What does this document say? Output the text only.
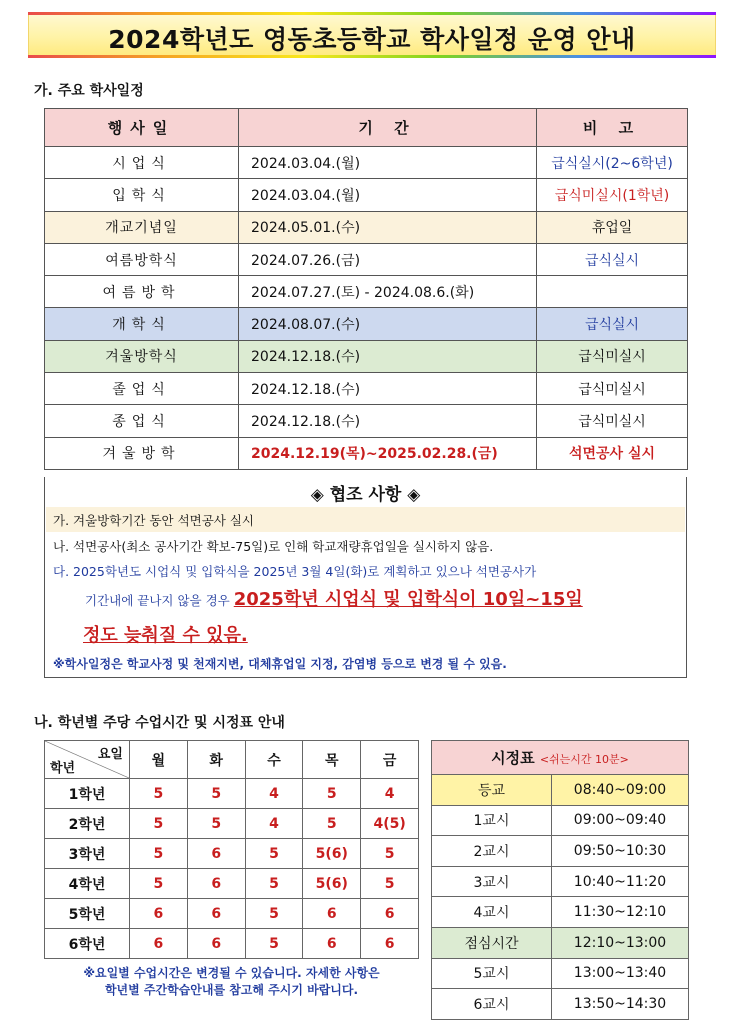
2024학년도 영동초등학교 학사일정 운영 안내
가. 주요 학사일정
행사일	기 간	비 고
시업식	2024.03.04.(월)	급식실시(2~6학년)
입학식	2024.03.04.(월)	급식미실시(1학년)
개교기념일	2024.05.01.(수)	휴업일
여름방학식	2024.07.26.(금)	급식실시
여름방학	2024.07.27.(토) - 2024.08.6.(화)	
개학식	2024.08.07.(수)	급식실시
겨울방학식	2024.12.18.(수)	급식미실시
졸업식	2024.12.18.(수)	급식미실시
종업식	2024.12.18.(수)	급식미실시
겨울방학	2024.12.19(목)~2025.02.28.(금)	석면공사 실시
◈ 협조 사항 ◈
가. 겨울방학기간 동안 석면공사 실시
나. 석면공사(최소 공사기간 확보-75일)로 인해 학교재량휴업일을 실시하지 않음.
다. 2025학년도 시업식 및 입학식을 2025년 3월 4일(화)로 계획하고 있으나 석면공사가
기간내에 끝나지 않을 경우 2025학년 시업식 및 입학식이 10일~15일
정도 늦춰질 수 있음.
※학사일정은 학교사정 및 천재지변, 대체휴업일 지정, 감염병 등으로 변경 될 수 있음.
나. 학년별 주당 수업시간 및 시정표 안내
요일
학년	월	화	수	목	금
1학년	5	5	4	5	4
2학년	5	5	4	5	4(5)
3학년	5	6	5	5(6)	5
4학년	5	6	5	5(6)	5
5학년	6	6	5	6	6
6학년	6	6	5	6	6
※요일별 수업시간은 변경될 수 있습니다. 자세한 사항은
학년별 주간학습안내를 참고해 주시기 바랍니다.
시정표 <쉬는시간 10분>	
등교	08:40~09:00
1교시	09:00~09:40
2교시	09:50~10:30
3교시	10:40~11:20
4교시	11:30~12:10
점심시간	12:10~13:00
5교시	13:00~13:40
6교시	13:50~14:30
